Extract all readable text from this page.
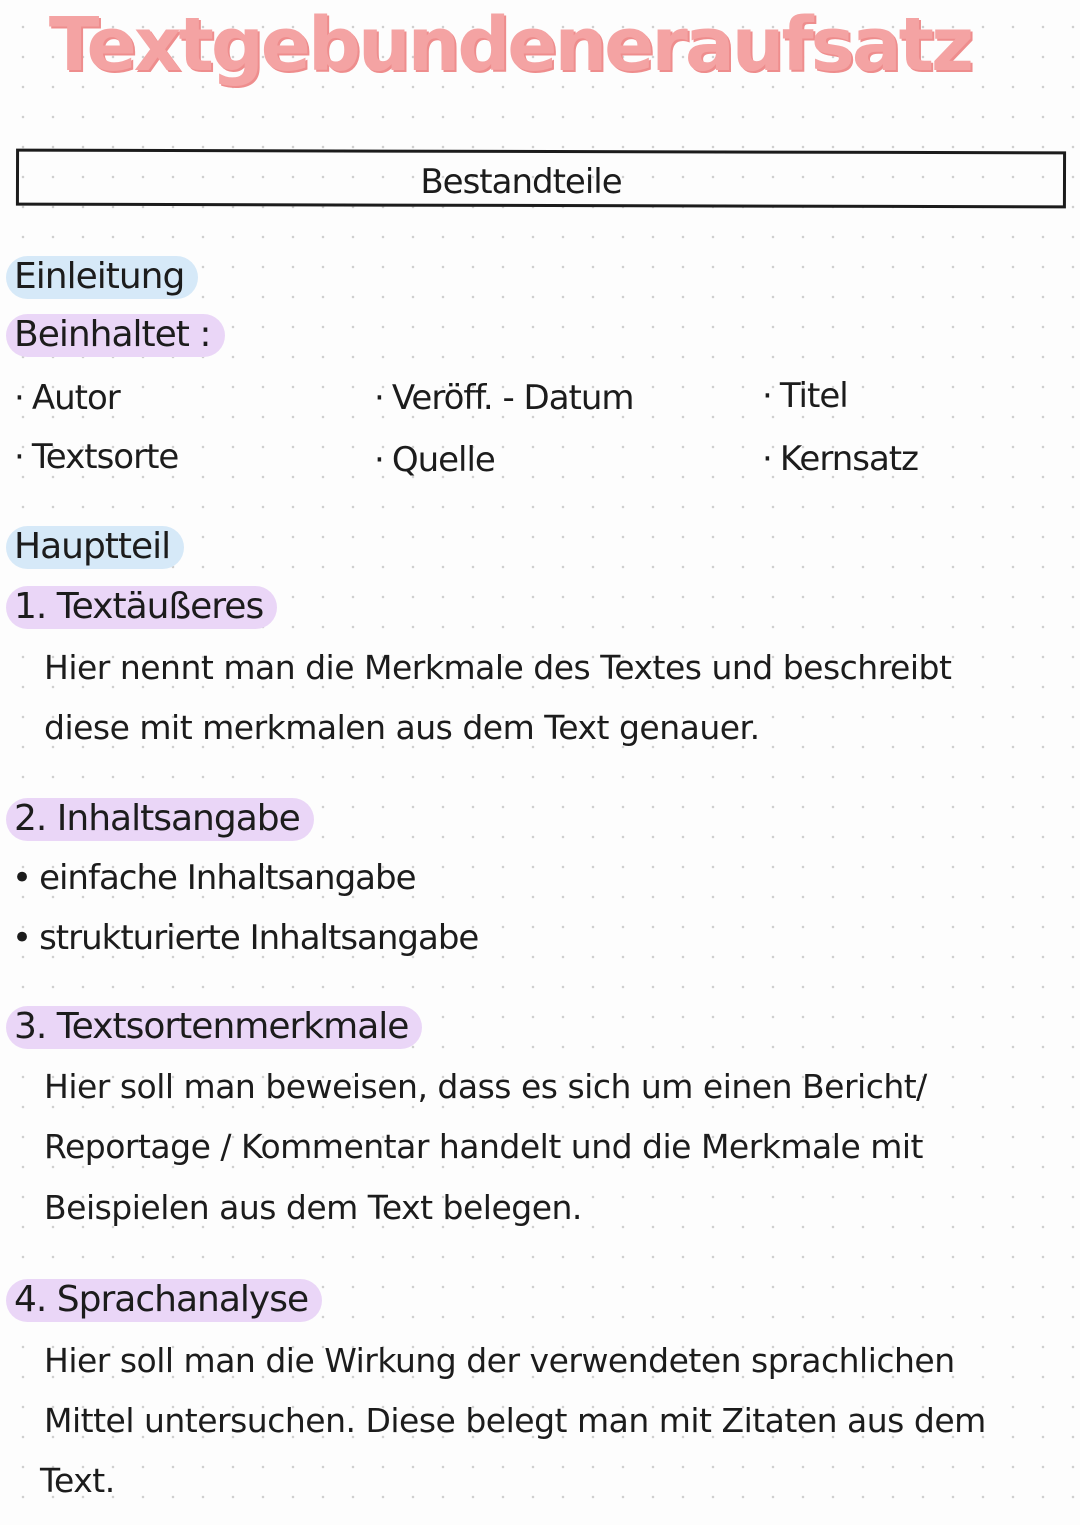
Textgebundeneraufsatz
Bestandteile
Einleitung
Beinhaltet :
· Autor	· Veröff. - Datum	· Titel
· Textsorte	· Quelle	· Kernsatz
Hauptteil
1. Textäußeres
Hier nennt man die Merkmale des Textes und beschreibt
diese mit merkmalen aus dem Text genauer.
2. Inhaltsangabe
• einfache Inhaltsangabe
• strukturierte Inhaltsangabe
3. Textsortenmerkmale
Hier soll man beweisen, dass es sich um einen Bericht/
Reportage / Kommentar handelt und die Merkmale mit
Beispielen aus dem Text belegen.
4. Sprachanalyse
Hier soll man die Wirkung der verwendeten sprachlichen
Mittel untersuchen. Diese belegt man mit Zitaten aus dem
Text.
